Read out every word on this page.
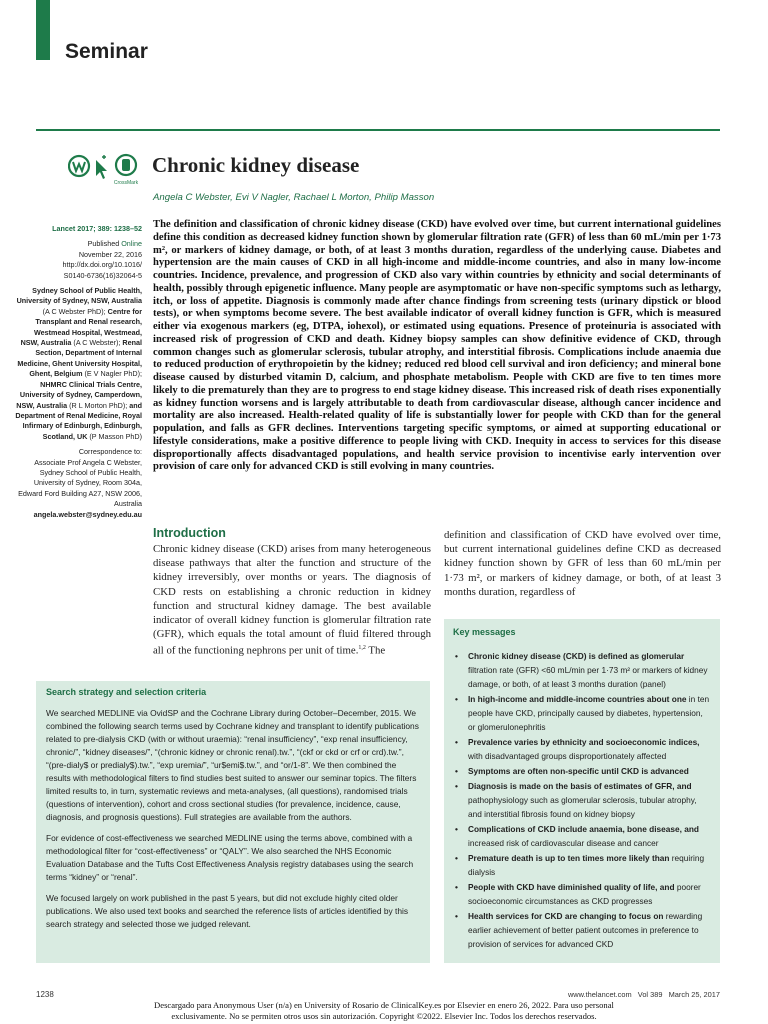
Seminar
CrossMark
Chronic kidney disease
Angela C Webster, Evi V Nagler, Rachael L Morton, Philip Masson

Lancet 2017; 389: 1238–52

Published Online
November 22, 2016
http://dx.doi.org/10.1016/
S0140-6736(16)32064-5

Sydney School of Public Health, University of Sydney, NSW, Australia (A C Webster PhD); Centre for Transplant and Renal research, Westmead Hospital, Westmead, NSW, Australia (A C Webster); Renal Section, Department of Internal Medicine, Ghent University Hospital, Ghent, Belgium (E V Nagler PhD); NHMRC Clinical Trials Centre, University of Sydney, Camperdown, NSW, Australia (R L Morton PhD); and Department of Renal Medicine, Royal Infirmary of Edinburgh, Edinburgh, Scotland, UK (P Masson PhD)

Correspondence to:
Associate Prof Angela C Webster, Sydney School of Public Health, University of Sydney, Room 304a, Edward Ford Building A27, NSW 2006, Australia
angela.webster@sydney.edu.au

The definition and classification of chronic kidney disease (CKD) have evolved over time, but current international guidelines define this condition as decreased kidney function shown by glomerular filtration rate (GFR) of less than 60 mL/min per 1·73 m², or markers of kidney damage, or both, of at least 3 months duration, regardless of the underlying cause. Diabetes and hypertension are the main causes of CKD in all high-income and middle-income countries, and also in many low-income countries. Incidence, prevalence, and progression of CKD also vary within countries by ethnicity and social determinants of health, possibly through epigenetic influence. Many people are asymptomatic or have non-specific symptoms such as lethargy, itch, or loss of appetite. Diagnosis is commonly made after chance findings from screening tests (urinary dipstick or blood tests), or when symptoms become severe. The best available indicator of overall kidney function is GFR, which is measured either via exogenous markers (eg, DTPA, iohexol), or estimated using equations. Presence of proteinuria is associated with increased risk of progression of CKD and death. Kidney biopsy samples can show definitive evidence of CKD, through common changes such as glomerular sclerosis, tubular atrophy, and interstitial fibrosis. Complications include anaemia due to reduced production of erythropoietin by the kidney; reduced red blood cell survival and iron deficiency; and mineral bone disease caused by disturbed vitamin D, calcium, and phosphate metabolism. People with CKD are five to ten times more likely to die prematurely than they are to progress to end stage kidney disease. This increased risk of death rises exponentially as kidney function worsens and is largely attributable to death from cardiovascular disease, although cancer incidence and mortality are also increased. Health-related quality of life is substantially lower for people with CKD than for the general population, and falls as GFR declines. Interventions targeting specific symptoms, or aimed at supporting educational or lifestyle considerations, make a positive difference to people living with CKD. Inequity in access to services for this disease disproportionally affects disadvantaged populations, and health service provision to incentivise early intervention over provision of care only for advanced CKD is still evolving in many countries.

Introduction

Chronic kidney disease (CKD) arises from many heterogeneous disease pathways that alter the function and structure of the kidney irreversibly, over months or years. The diagnosis of CKD rests on establishing a chronic reduction in kidney function and structural kidney damage. The best available indicator of overall kidney function is glomerular filtration rate (GFR), which equals the total amount of fluid filtered through all of the functioning nephrons per unit of time.$^{1,2}$ The

definition and classification of CKD have evolved over time, but current international guidelines define CKD as decreased kidney function shown by GFR of less than 60 mL/min per 1·73 m², or markers of kidney damage, or both, of at least 3 months duration, regardless of

Search strategy and selection criteria

We searched MEDLINE via OvidSP and the Cochrane Library during October–December, 2015. We combined the following search terms used by Cochrane kidney and transplant to identify publications related to pre-dialysis CKD (with or without uraemia): “renal insufficiency”, “exp renal insufficiency, chronic/”, “kidney diseases/”, “(chronic kidney or chronic renal).tw.”, “(ckf or ckd or crf or crd).tw.”, “(pre-dialy$ or predialy$).tw.”, “exp uremia/”, “ur$emi$.tw.”, and “or/1-8”. We then combined the results with methodological filters to find studies best suited to answer our seminar topics. The filters limited results to, in turn, systematic reviews and meta-analyses, (all questions), randomised trials (questions of intervention), cohort and cross sectional studies (for prevalence, incidence, cause, diagnosis, and prognosis questions). Full strategies are available from the authors.

For evidence of cost-effectiveness we searched MEDLINE using the terms above, combined with a methodological filter for “cost-effectiveness” or “QALY”. We also searched the NHS Economic Evaluation Database and the Tufts Cost Effectiveness Analysis registry databases using the search terms “kidney” or “renal”.

We focused largely on work published in the past 5 years, but did not exclude highly cited older publications. We also used text books and searched the reference lists of articles identified by this search strategy and selected those we judged relevant.

Key messages
• Chronic kidney disease (CKD) is defined as glomerular filtration rate (GFR) <60 mL/min per 1·73 m² or markers of kidney damage, or both, of at least 3 months duration (panel)
• In high-income and middle-income countries about one in ten people have CKD, principally caused by diabetes, hypertension, or glomerulonephritis
• Prevalence varies by ethnicity and socioeconomic indices, with disadvantaged groups disproportionately affected
• Symptoms are often non-specific until CKD is advanced
• Diagnosis is made on the basis of estimates of GFR, and pathophysiology such as glomerular sclerosis, tubular atrophy, and interstitial fibrosis found on kidney biopsy
• Complications of CKD include anaemia, bone disease, and increased risk of cardiovascular disease and cancer
• Premature death is up to ten times more likely than requiring dialysis
• People with CKD have diminished quality of life, and poorer socioeconomic circumstances as CKD progresses
• Health services for CKD are changing to focus on rewarding earlier achievement of better patient outcomes in preference to provision of services for advanced CKD
1238	www.thelancet.com Vol 389 March 25, 2017
Descargado para Anonymous User (n/a) en University of Rosario de ClinicalKey.es por Elsevier en enero 26, 2022. Para uso personal
exclusivamente. No se permiten otros usos sin autorización. Copyright ©2022. Elsevier Inc. Todos los derechos reservados.
